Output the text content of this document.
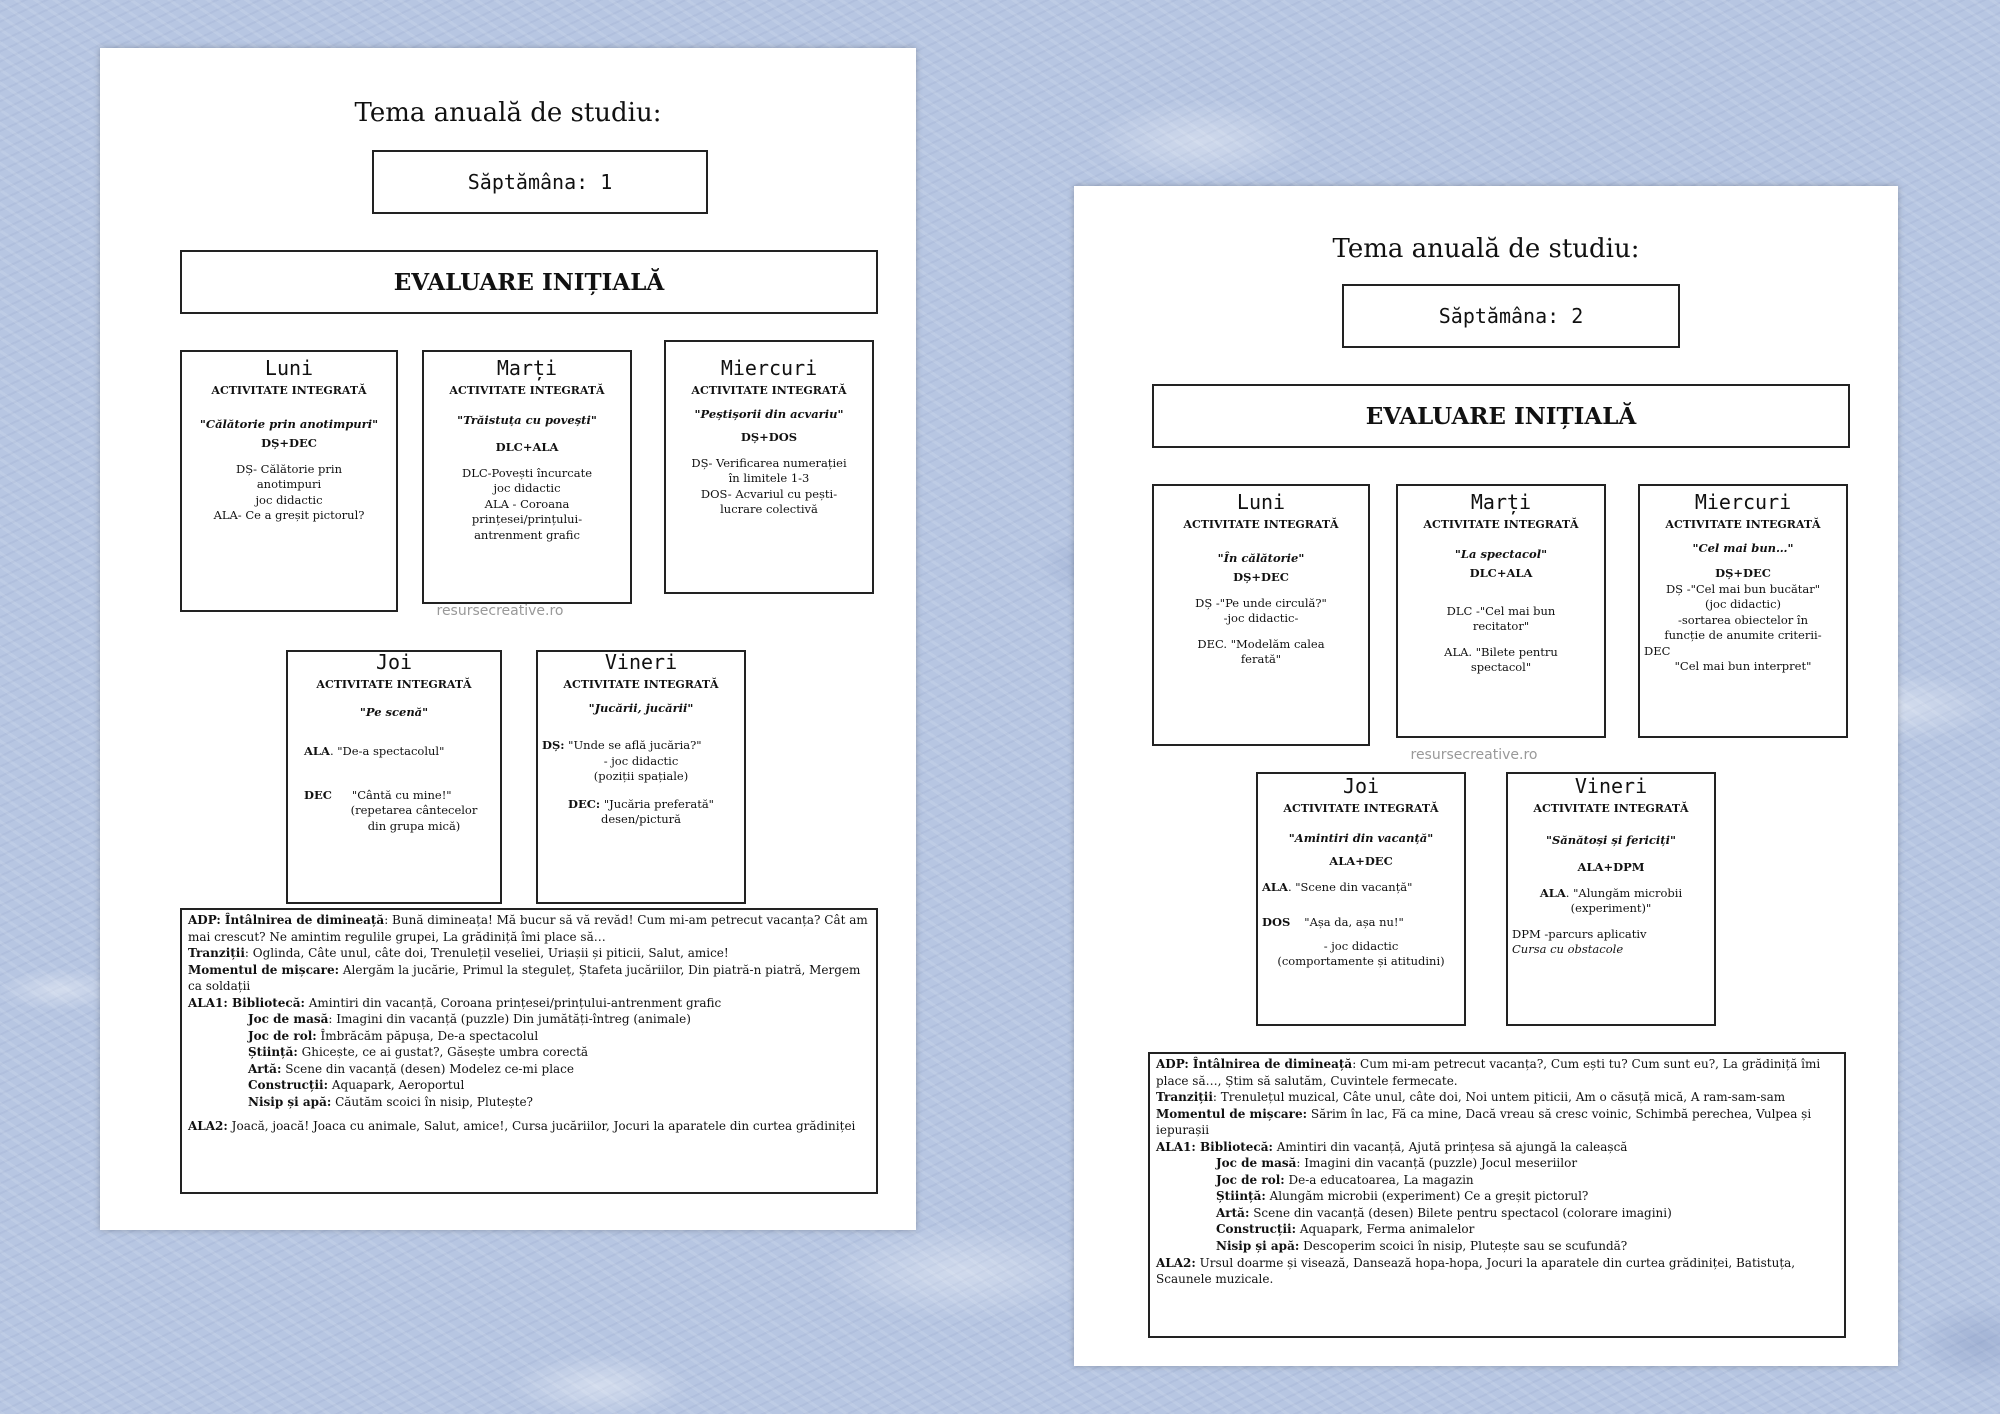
Tema anuală de studiu:
Săptămâna: 1
EVALUARE INIȚIALĂ
Luni
ACTIVITATE INTEGRATĂ
"Călătorie prin anotimpuri"
DȘ+DEC
DȘ- Călătorie prin
anotimpuri
joc didactic
ALA- Ce a greșit pictorul?
Marți
ACTIVITATE INTEGRATĂ
"Trăistuța cu povești"
DLC+ALA
DLC-Povești încurcate
joc didactic
ALA - Coroana
prințesei/prințului-
antrenment grafic
Miercuri
ACTIVITATE INTEGRATĂ
"Peștișorii din acvariu"
DȘ+DOS
DȘ- Verificarea numerației
în limitele 1-3
DOS- Acvariul cu pești-
lucrare colectivă
resursecreative.ro
Joi
ACTIVITATE INTEGRATĂ
"Pe scenă"
ALA. "De-a spectacolul"
DEC "Cântă cu mine!"
(repetarea cântecelor
din grupa mică)
Vineri
ACTIVITATE INTEGRATĂ
"Jucării, jucării"
DȘ: "Unde se află jucăria?"
- joc didactic
(poziții spațiale)
DEC: "Jucăria preferată"
desen/pictură

ADP: Întâlnirea de dimineață: Bună dimineața! Mă bucur să vă revăd! Cum mi-am petrecut vacanța? Cât am mai crescut? Ne amintim regulile grupei, La grădiniță îmi place să…

Tranziții: Oglinda, Câte unul, câte doi, Trenulețil veseliei, Uriașii și piticii, Salut, amice!

Momentul de mișcare: Alergăm la jucărie, Primul la steguleț, Ștafeta jucăriilor, Din piatră-n piatră, Mergem ca soldații

ALA1: Bibliotecă: Amintiri din vacanță, Coroana prințesei/prințului-antrenment grafic

Joc de masă: Imagini din vacanță (puzzle) Din jumătăți-întreg (animale)

Joc de rol: Îmbrăcăm păpușa, De-a spectacolul

Știință: Ghicește, ce ai gustat?, Găsește umbra corectă

Artă: Scene din vacanță (desen) Modelez ce-mi place

Construcții: Aquapark, Aeroportul

Nisip și apă: Căutăm scoici în nisip, Plutește?

ALA2: Joacă, joacă! Joaca cu animale, Salut, amice!, Cursa jucăriilor, Jocuri la aparatele din curtea grădiniței

Tema anuală de studiu:
Săptămâna: 2
EVALUARE INIȚIALĂ
Luni
ACTIVITATE INTEGRATĂ
"În călătorie"
DȘ+DEC
DȘ -"Pe unde circulă?"
-joc didactic-
DEC. "Modelăm calea
ferată"
Marți
ACTIVITATE INTEGRATĂ
"La spectacol"
DLC+ALA
DLC -"Cel mai bun
recitator"
ALA. "Bilete pentru
spectacol"
Miercuri
ACTIVITATE INTEGRATĂ
"Cel mai bun…"
DȘ+DEC
DȘ -"Cel mai bun bucătar"
(joc didactic)
-sortarea obiectelor în
funcție de anumite criterii-
DEC
"Cel mai bun interpret"
resursecreative.ro
Joi
ACTIVITATE INTEGRATĂ
"Amintiri din vacanță"
ALA+DEC
ALA. "Scene din vacanță"
DOS "Așa da, așa nu!"
- joc didactic
(comportamente și atitudini)
Vineri
ACTIVITATE INTEGRATĂ
"Sănătoși și fericiți"
ALA+DPM
ALA. "Alungăm microbii
(experiment)"
DPM -parcurs aplicativ
Cursa cu obstacole

ADP: Întâlnirea de dimineață: Cum mi-am petrecut vacanța?, Cum ești tu? Cum sunt eu?, La grădiniță îmi place să…, Știm să salutăm, Cuvintele fermecate.

Tranziții: Trenulețul muzical, Câte unul, câte doi, Noi untem piticii, Am o căsuță mică, A ram-sam-sam

Momentul de mișcare: Sărim în lac, Fă ca mine, Dacă vreau să cresc voinic, Schimbă perechea, Vulpea și iepurașii

ALA1: Bibliotecă: Amintiri din vacanță, Ajută prințesa să ajungă la caleașcă

Joc de masă: Imagini din vacanță (puzzle) Jocul meseriilor

Joc de rol: De-a educatoarea, La magazin

Știință: Alungăm microbii (experiment) Ce a greșit pictorul?

Artă: Scene din vacanță (desen) Bilete pentru spectacol (colorare imagini)

Construcții: Aquapark, Ferma animalelor

Nisip și apă: Descoperim scoici în nisip, Plutește sau se scufundă?

ALA2: Ursul doarme și visează, Dansează hopa-hopa, Jocuri la aparatele din curtea grădiniței, Batistuța, Scaunele muzicale.
